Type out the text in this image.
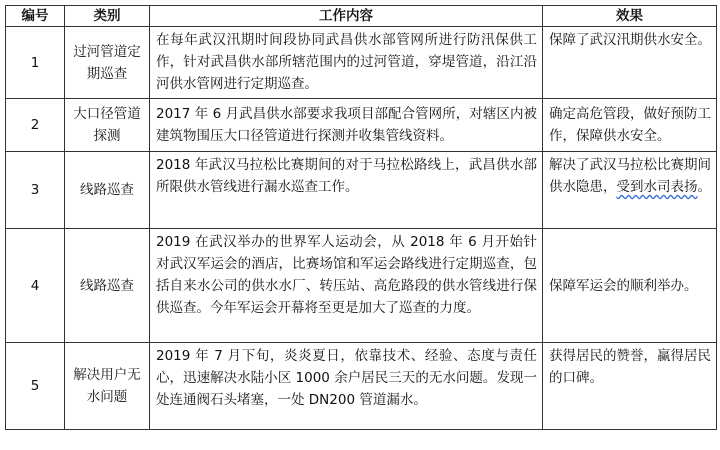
编号	类别	工作内容	效果
1	过河管道定期巡查	在每年武汉汛期时间段协同武昌供水部管网所进行防汛保供工作，针对武昌供水部所辖范围内的过河管道，穿堤管道，沿江沿河供水管网进行定期巡查。	保障了武汉汛期供水安全。
2	大口径管道探测	2017 年 6 月武昌供水部要求我项目部配合管网所，对辖区内被建筑物围压大口径管道进行探测并收集管线资料。	确定高危管段，做好预防工作，保障供水安全。
3	线路巡查	2018 年武汉马拉松比赛期间的对于马拉松路线上，武昌供水部所限供水管线进行漏水巡查工作。	解决了武汉马拉松比赛期间供水隐患，受到水司表扬。
4	线路巡查	2019 在武汉举办的世界军人运动会，从 2018 年 6 月开始针对武汉军运会的酒店，比赛场馆和军运会路线进行定期巡查，包括自来水公司的供水水厂、转压站、高危路段的供水管线进行保供巡查。今年军运会开幕将至更是加大了巡查的力度。	保障军运会的顺利举办。
5	解决用户无水问题	2019 年 7 月下旬，炎炎夏日，依靠技术、经验、态度与责任心，迅速解决水陆小区 1000 余户居民三天的无水问题。发现一处连通阀石头堵塞，一处 DN200 管道漏水。	获得居民的赞誉，赢得居民的口碑。
